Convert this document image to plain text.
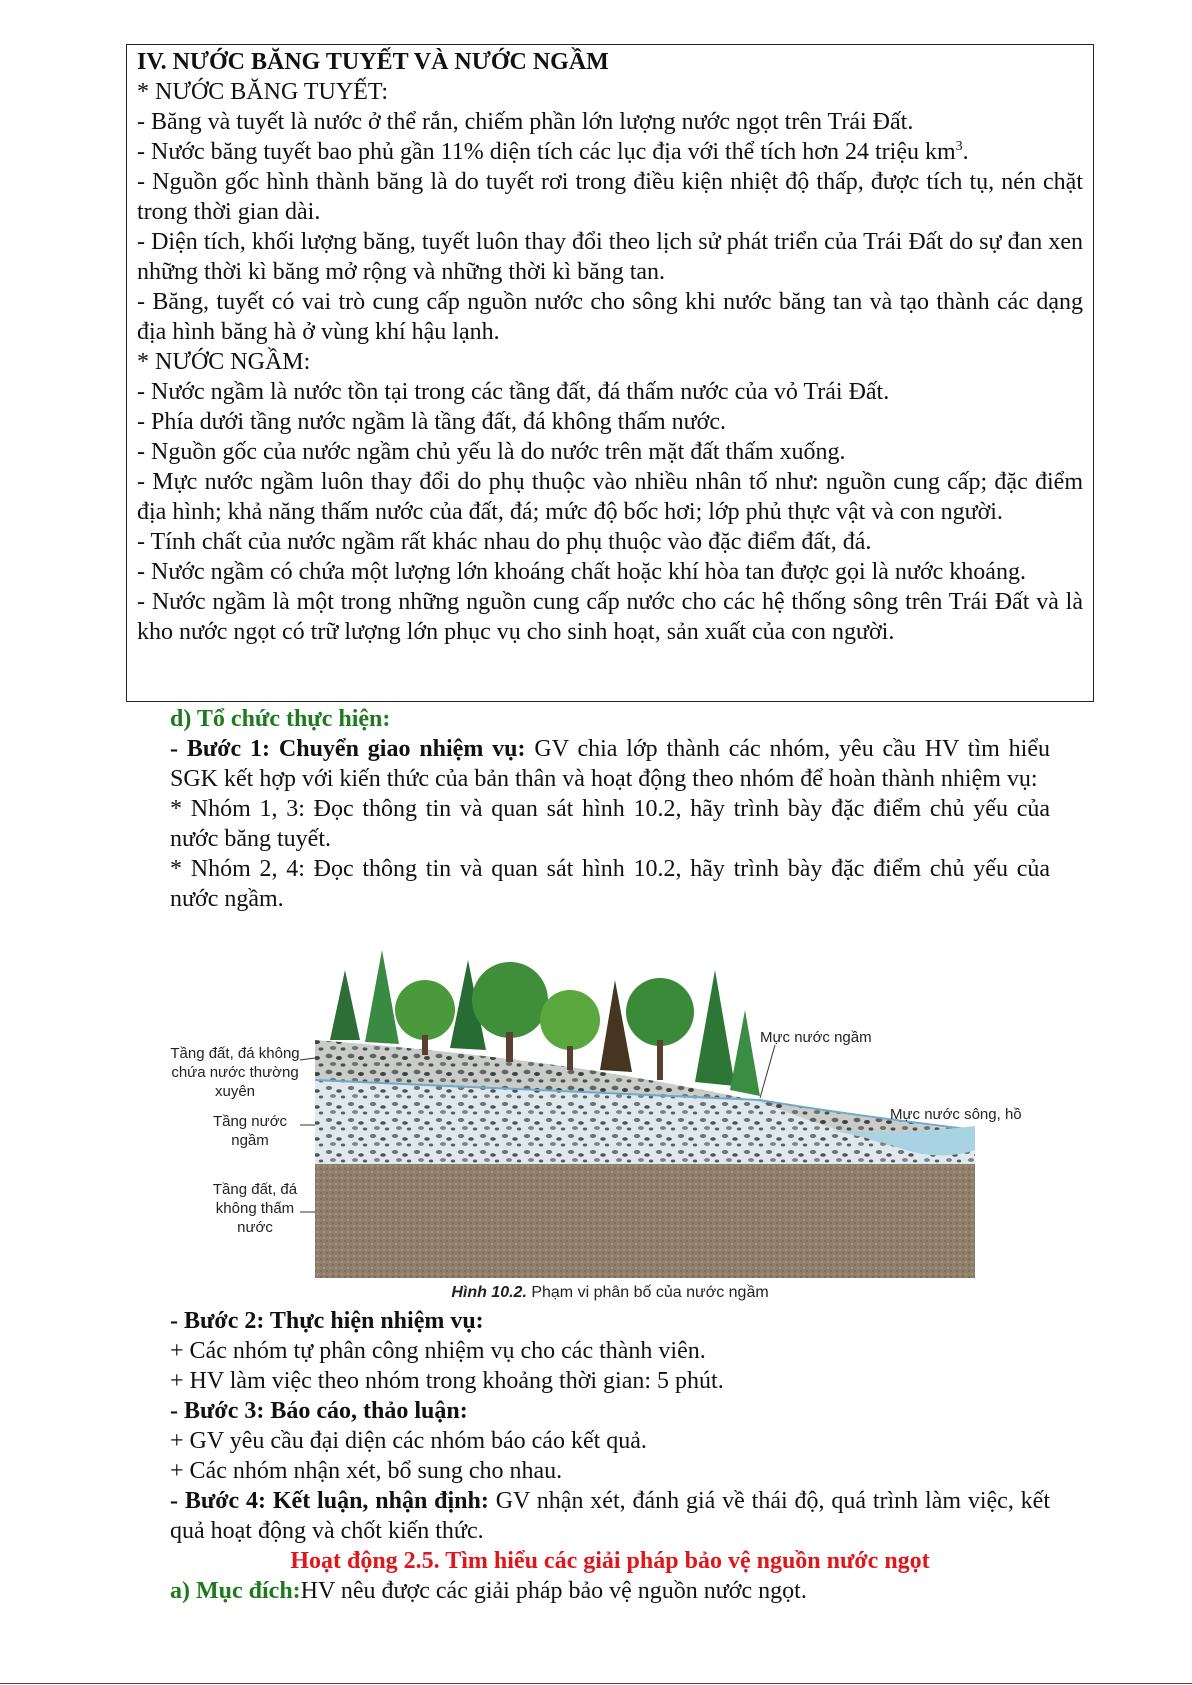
IV. NƯỚC BĂNG TUYẾT VÀ NƯỚC NGẦM

* NƯỚC BĂNG TUYẾT:

- Băng và tuyết là nước ở thể rắn, chiếm phần lớn lượng nước ngọt trên Trái Đất.

- Nước băng tuyết bao phủ gần 11% diện tích các lục địa với thể tích hơn 24 triệu $km^3$.

- Nguồn gốc hình thành băng là do tuyết rơi trong điều kiện nhiệt độ thấp, được tích tụ, nén chặt trong thời gian dài.

- Diện tích, khối lượng băng, tuyết luôn thay đổi theo lịch sử phát triển của Trái Đất do sự đan xen những thời kì băng mở rộng và những thời kì băng tan.

- Băng, tuyết có vai trò cung cấp nguồn nước cho sông khi nước băng tan và tạo thành các dạng địa hình băng hà ở vùng khí hậu lạnh.

* NƯỚC NGẦM:

- Nước ngầm là nước tồn tại trong các tầng đất, đá thấm nước của vỏ Trái Đất.

- Phía dưới tầng nước ngầm là tầng đất, đá không thấm nước.

- Nguồn gốc của nước ngầm chủ yếu là do nước trên mặt đất thấm xuống.

- Mực nước ngầm luôn thay đổi do phụ thuộc vào nhiều nhân tố như: nguồn cung cấp; đặc điểm địa hình; khả năng thấm nước của đất, đá; mức độ bốc hơi; lớp phủ thực vật và con người.

- Tính chất của nước ngầm rất khác nhau do phụ thuộc vào đặc điểm đất, đá.

- Nước ngầm có chứa một lượng lớn khoáng chất hoặc khí hòa tan được gọi là nước khoáng.

- Nước ngầm là một trong những nguồn cung cấp nước cho các hệ thống sông trên Trái Đất và là kho nước ngọt có trữ lượng lớn phục vụ cho sinh hoạt, sản xuất của con người.

d) Tổ chức thực hiện:

- Bước 1: Chuyển giao nhiệm vụ: GV chia lớp thành các nhóm, yêu cầu HV tìm hiểu SGK kết hợp với kiến thức của bản thân và hoạt động theo nhóm để hoàn thành nhiệm vụ:

* Nhóm 1, 3: Đọc thông tin và quan sát hình 10.2, hãy trình bày đặc điểm chủ yếu của nước băng tuyết.

* Nhóm 2, 4: Đọc thông tin và quan sát hình 10.2, hãy trình bày đặc điểm chủ yếu của nước ngầm.

Tầng đất, đá không chứa nước thường xuyên
Tầng nước ngầm
Tầng đất, đá không thấm nước
Mực nước ngầm
Mực nước sông, hồ
Hình 10.2. Phạm vi phân bố của nước ngầm

- Bước 2: Thực hiện nhiệm vụ:

+ Các nhóm tự phân công nhiệm vụ cho các thành viên.

+ HV làm việc theo nhóm trong khoảng thời gian: 5 phút.

- Bước 3: Báo cáo, thảo luận:

+ GV yêu cầu đại diện các nhóm báo cáo kết quả.

+ Các nhóm nhận xét, bổ sung cho nhau.

- Bước 4: Kết luận, nhận định: GV nhận xét, đánh giá về thái độ, quá trình làm việc, kết quả hoạt động và chốt kiến thức.

Hoạt động 2.5. Tìm hiểu các giải pháp bảo vệ nguồn nước ngọt

a) Mục đích:HV nêu được các giải pháp bảo vệ nguồn nước ngọt.
